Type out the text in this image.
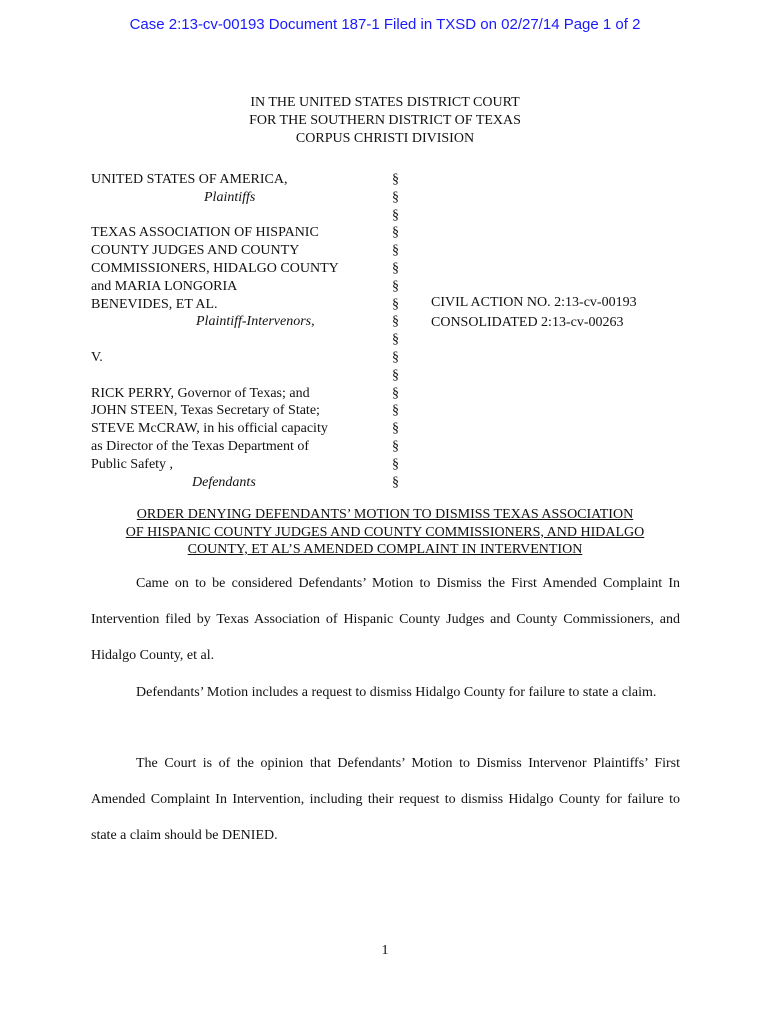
Case 2:13-cv-00193 Document 187-1 Filed in TXSD on 02/27/14 Page 1 of 2
IN THE UNITED STATES DISTRICT COURT
FOR THE SOUTHERN DISTRICT OF TEXAS
CORPUS CHRISTI DIVISION
UNITED STATES OF AMERICA,
Plaintiffs
TEXAS ASSOCIATION OF HISPANIC
COUNTY JUDGES AND COUNTY
COMMISSIONERS, HIDALGO COUNTY
and MARIA LONGORIA
BENEVIDES, ET AL.
Plaintiff-Intervenors,
V.
RICK PERRY, Governor of Texas; and
JOHN STEEN, Texas Secretary of State;
STEVE McCRAW, in his official capacity
as Director of the Texas Department of
Public Safety ,
Defendants
§
§
§
§
§
§
§
§
§
§
§
§
§
§
§
§
§
§
CIVIL ACTION NO. 2:13-cv-00193
CONSOLIDATED 2:13-cv-00263
ORDER DENYING DEFENDANTS’ MOTION TO DISMISS TEXAS ASSOCIATION
OF HISPANIC COUNTY JUDGES AND COUNTY COMMISSIONERS, AND HIDALGO
COUNTY, ET AL’S AMENDED COMPLAINT IN INTERVENTION
Came on to be considered Defendants’ Motion to Dismiss the First Amended Complaint In Intervention filed by Texas Association of Hispanic County Judges and County Commissioners, and Hidalgo County, et al.
Defendants’ Motion includes a request to dismiss Hidalgo County for failure to state a claim.
The Court is of the opinion that Defendants’ Motion to Dismiss Intervenor Plaintiffs’ First Amended Complaint In Intervention, including their request to dismiss Hidalgo County for failure to state a claim should be DENIED.
1
